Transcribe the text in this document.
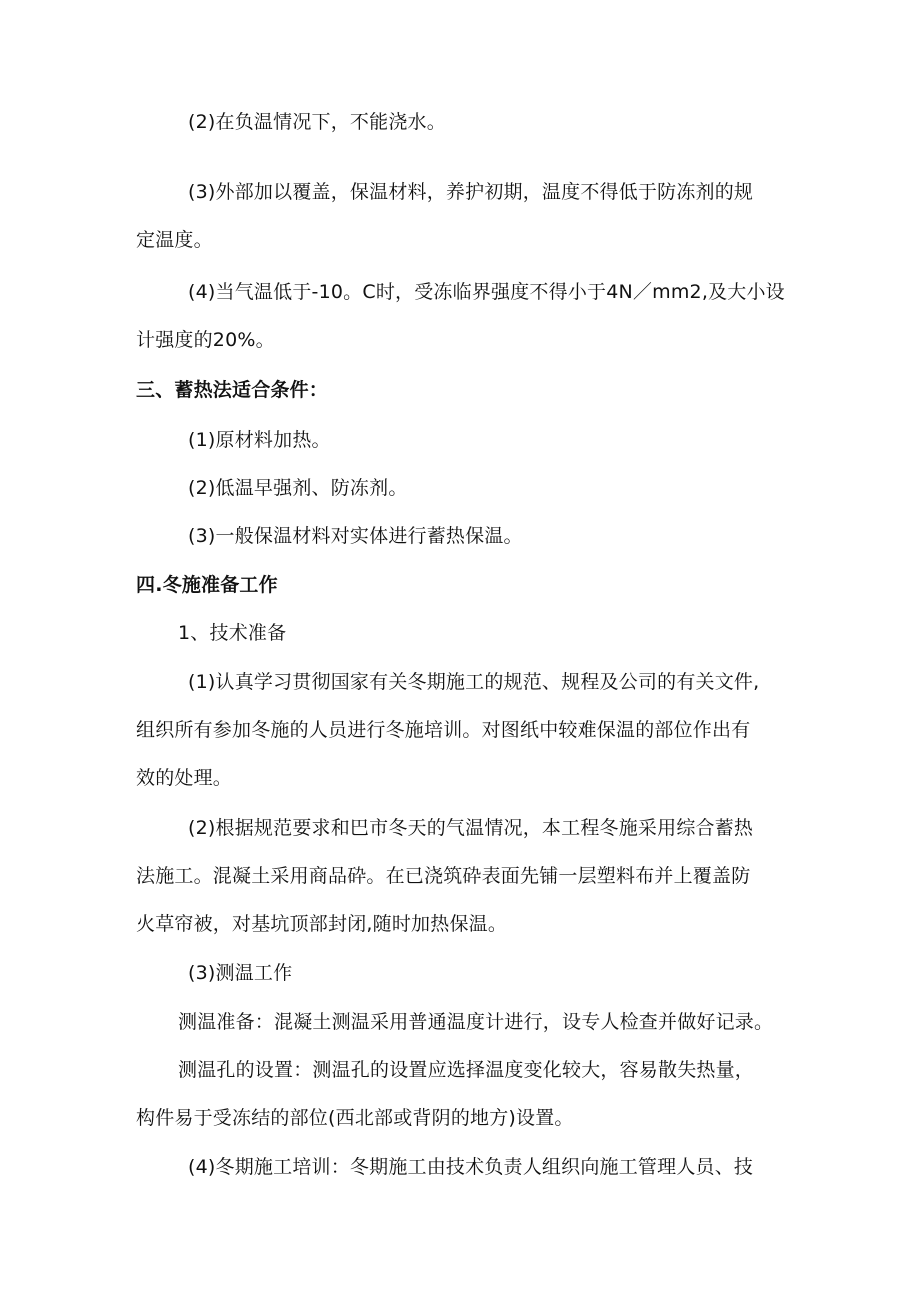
(2)在负温情况下，不能浇水。
(3)外部加以覆盖，保温材料，养护初期，温度不得低于防冻剂的规
定温度。
(4)当气温低于-10。C时，受冻临界强度不得小于4N／mm2,及大小设
计强度的20%。
三、蓄热法适合条件：
(1)原材料加热。
(2)低温早强剂、防冻剂。
(3)一般保温材料对实体进行蓄热保温。
四.冬施准备工作
1、技术准备
(1)认真学习贯彻国家有关冬期施工的规范、规程及公司的有关文件,
组织所有参加冬施的人员进行冬施培训。对图纸中较难保温的部位作出有
效的处理。
(2)根据规范要求和巴市冬天的气温情况，本工程冬施采用综合蓄热
法施工。混凝土采用商品砕。在已浇筑砕表面先铺一层塑料布并上覆盖防
火草帘被，对基坑顶部封闭,随时加热保温。
(3)测温工作
测温准备：混凝土测温采用普通温度计进行，设专人检查并做好记录。
测温孔的设置：测温孔的设置应选择温度变化较大，容易散失热量，
构件易于受冻结的部位(西北部或背阴的地方)设置。
(4)冬期施工培训：冬期施工由技术负责人组织向施工管理人员、技
